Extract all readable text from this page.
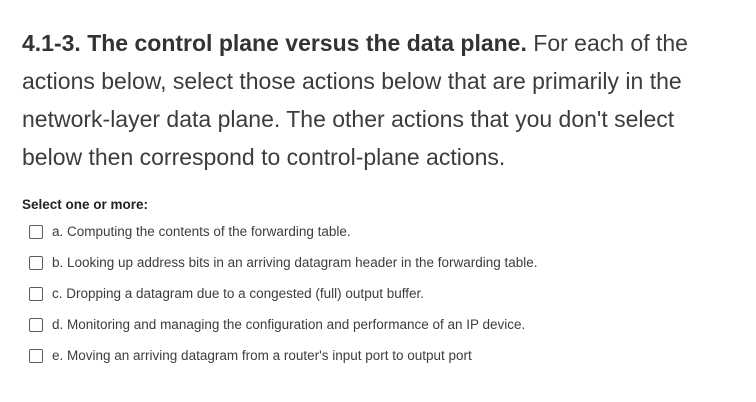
4.1-3. The control plane versus the data plane. For each of the actions below, select those actions below that are primarily in the network-layer data plane. The other actions that you don't select below then correspond to control-plane actions.

Select one or more:

a. Computing the contents of the forwarding table.
b. Looking up address bits in an arriving datagram header in the forwarding table.
c. Dropping a datagram due to a congested (full) output buffer.
d. Monitoring and managing the configuration and performance of an IP device.
e. Moving an arriving datagram from a router's input port to output port
